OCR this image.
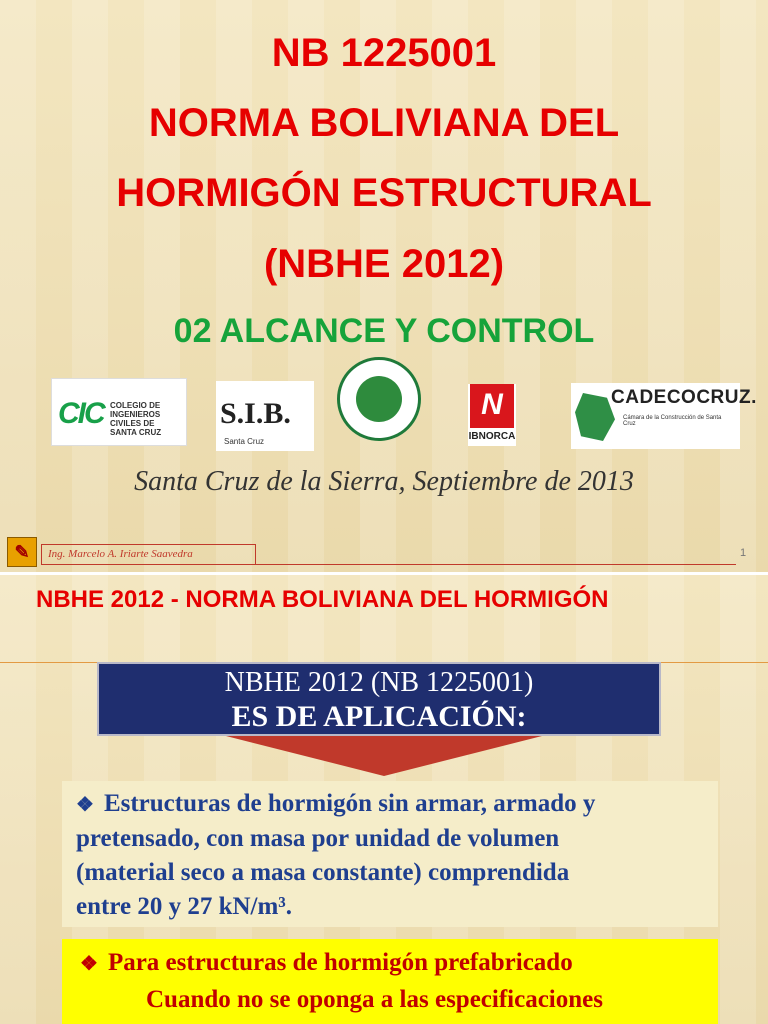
NB 1225001
NORMA BOLIVIANA DEL
HORMIGÓN ESTRUCTURAL
(NBHE 2012)
02 ALCANCE Y CONTROL
CIC COLEGIO DE INGENIEROS CIVILES DE SANTA CRUZ
S.I.B.
Santa Cruz
N
IBNORCA
CADECOCRUZ.
Cámara de la Construcción de Santa Cruz
Santa Cruz de la Sierra, Septiembre de 2013
✎	Ing. Marcelo A. Iriarte Saavedra	1
NBHE 2012 - NORMA BOLIVIANA DEL HORMIGÓN
NBHE 2012 (NB 1225001)
ES DE APLICACIÓN:

❖ Estructuras de hormigón sin armar, armado y

pretensado, con masa por unidad de volumen

(material seco a masa constante) comprendida

entre 20 y 27 kN/m³.

❖ Para estructuras de hormigón prefabricado

Cuando no se oponga a las especificaciones
